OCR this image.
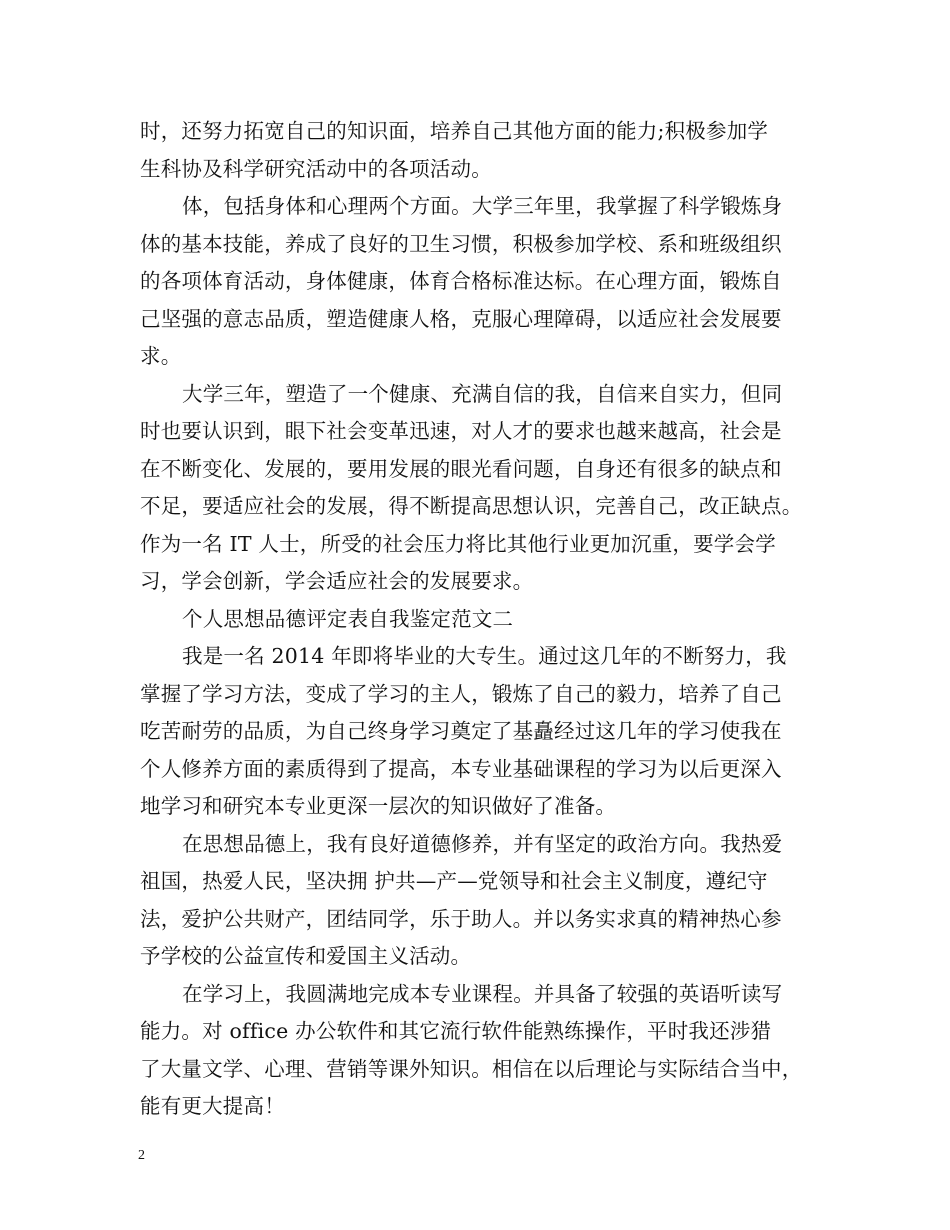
时，还努力拓宽自己的知识面，培养自己其他方面的能力;积极参加学
生科协及科学研究活动中的各项活动。
体，包括身体和心理两个方面。大学三年里，我掌握了科学锻炼身
体的基本技能，养成了良好的卫生习惯，积极参加学校、系和班级组织
的各项体育活动，身体健康，体育合格标准达标。在心理方面，锻炼自
己坚强的意志品质，塑造健康人格，克服心理障碍，以适应社会发展要
求。
大学三年，塑造了一个健康、充满自信的我，自信来自实力，但同
时也要认识到，眼下社会变革迅速，对人才的要求也越来越高，社会是
在不断变化、发展的，要用发展的眼光看问题，自身还有很多的缺点和
不足，要适应社会的发展，得不断提高思想认识，完善自己，改正缺点。
作为一名 IT 人士，所受的社会压力将比其他行业更加沉重，要学会学
习，学会创新，学会适应社会的发展要求。
个人思想品德评定表自我鉴定范文二
我是一名 2014 年即将毕业的大专生。通过这几年的不断努力，我
掌握了学习方法，变成了学习的主人，锻炼了自己的毅力，培养了自己
吃苦耐劳的品质，为自己终身学习奠定了基矗经过这几年的学习使我在
个人修养方面的素质得到了提高，本专业基础课程的学习为以后更深入
地学习和研究本专业更深一层次的知识做好了准备。
在思想品德上，我有良好道德修养，并有坚定的政治方向。我热爱
祖国，热爱人民，坚决拥 护共—产—党领导和社会主义制度，遵纪守
法，爱护公共财产，团结同学，乐于助人。并以务实求真的精神热心参
予学校的公益宣传和爱国主义活动。
在学习上，我圆满地完成本专业课程。并具备了较强的英语听读写
能力。对 office 办公软件和其它流行软件能熟练操作，平时我还涉猎
了大量文学、心理、营销等课外知识。相信在以后理论与实际结合当中，
能有更大提高！
2
